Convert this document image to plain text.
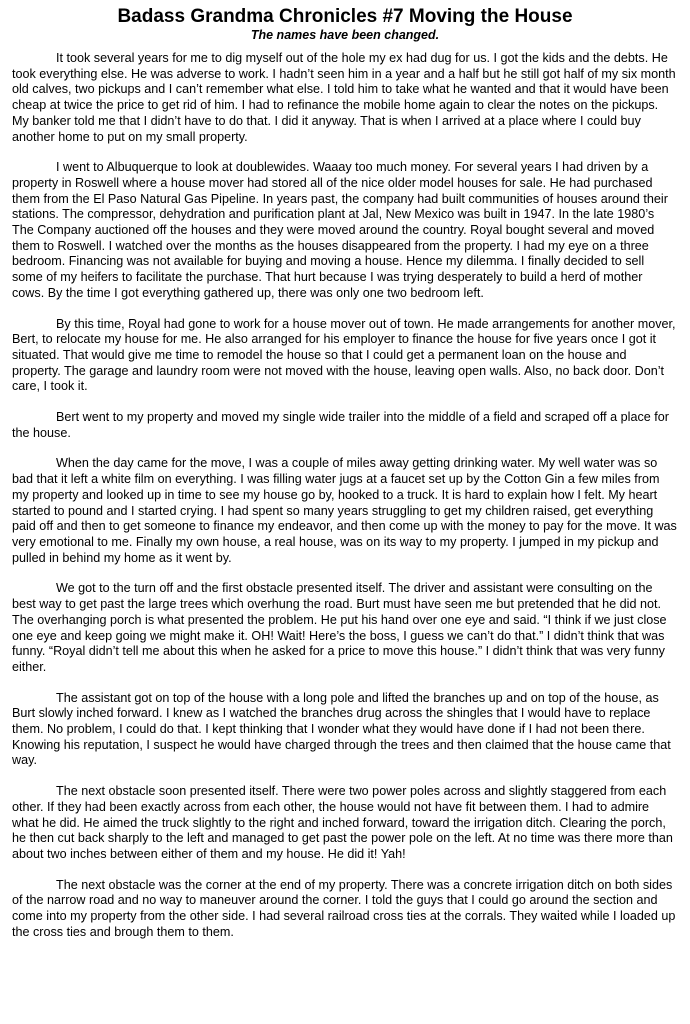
Badass Grandma Chronicles #7 Moving the House
The names have been changed.

It took several years for me to dig myself out of the hole my ex had dug for us. I got the kids and the debts. He took everything else. He was adverse to work. I hadn’t seen him in a year and a half but he still got half of my six month old calves, two pickups and I can’t remember what else. I told him to take what he wanted and that it would have been cheap at twice the price to get rid of him. I had to refinance the mobile home again to clear the notes on the pickups. My banker told me that I didn’t have to do that. I did it anyway. That is when I arrived at a place where I could buy another home to put on my small property.

I went to Albuquerque to look at doublewides. Waaay too much money. For several years I had driven by a property in Roswell where a house mover had stored all of the nice older model houses for sale. He had purchased them from the El Paso Natural Gas Pipeline. In years past, the company had built communities of houses around their stations. The compressor, dehydration and purification plant at Jal, New Mexico was built in 1947. In the late 1980’s The Company auctioned off the houses and they were moved around the country. Royal bought several and moved them to Roswell. I watched over the months as the houses disappeared from the property. I had my eye on a three bedroom. Financing was not available for buying and moving a house. Hence my dilemma. I finally decided to sell some of my heifers to facilitate the purchase. That hurt because I was trying desperately to build a herd of mother cows. By the time I got everything gathered up, there was only one two bedroom left.

By this time, Royal had gone to work for a house mover out of town. He made arrangements for another mover, Bert, to relocate my house for me. He also arranged for his employer to finance the house for five years once I got it situated. That would give me time to remodel the house so that I could get a permanent loan on the house and property. The garage and laundry room were not moved with the house, leaving open walls. Also, no back door. Don’t care, I took it.

Bert went to my property and moved my single wide trailer into the middle of a field and scraped off a place for the house.

When the day came for the move, I was a couple of miles away getting drinking water. My well water was so bad that it left a white film on everything. I was filling water jugs at a faucet set up by the Cotton Gin a few miles from my property and looked up in time to see my house go by, hooked to a truck. It is hard to explain how I felt. My heart started to pound and I started crying. I had spent so many years struggling to get my children raised, get everything paid off and then to get someone to finance my endeavor, and then come up with the money to pay for the move. It was very emotional to me. Finally my own house, a real house, was on its way to my property. I jumped in my pickup and pulled in behind my home as it went by.

We got to the turn off and the first obstacle presented itself. The driver and assistant were consulting on the best way to get past the large trees which overhung the road. Burt must have seen me but pretended that he did not. The overhanging porch is what presented the problem. He put his hand over one eye and said. “I think if we just close one eye and keep going we might make it. OH! Wait! Here’s the boss, I guess we can’t do that.” I didn’t think that was funny. “Royal didn’t tell me about this when he asked for a price to move this house.” I didn’t think that was very funny either.

The assistant got on top of the house with a long pole and lifted the branches up and on top of the house, as Burt slowly inched forward. I knew as I watched the branches drug across the shingles that I would have to replace them. No problem, I could do that. I kept thinking that I wonder what they would have done if I had not been there. Knowing his reputation, I suspect he would have charged through the trees and then claimed that the house came that way.

The next obstacle soon presented itself. There were two power poles across and slightly staggered from each other. If they had been exactly across from each other, the house would not have fit between them. I had to admire what he did. He aimed the truck slightly to the right and inched forward, toward the irrigation ditch. Clearing the porch, he then cut back sharply to the left and managed to get past the power pole on the left. At no time was there more than about two inches between either of them and my house. He did it! Yah!

The next obstacle was the corner at the end of my property. There was a concrete irrigation ditch on both sides of the narrow road and no way to maneuver around the corner. I told the guys that I could go around the section and come into my property from the other side. I had several railroad cross ties at the corrals. They waited while I loaded up the cross ties and brough them to them.
